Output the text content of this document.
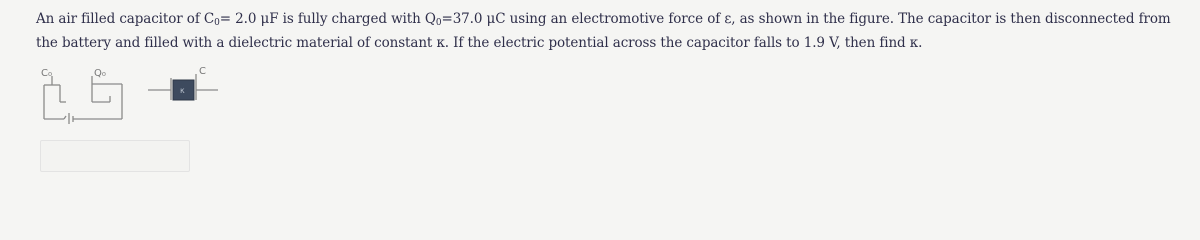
An air filled capacitor of $C_0= 2.0$ μF is fully charged with $Q_0=37.0$ μC using an electromotive force of ε, as shown in the figure. The capacitor is then disconnected from the battery and filled with a dielectric material of constant κ. If the electric potential across the capacitor falls to 1.9 V, then find κ.
C₀	Q₀	C
κ
